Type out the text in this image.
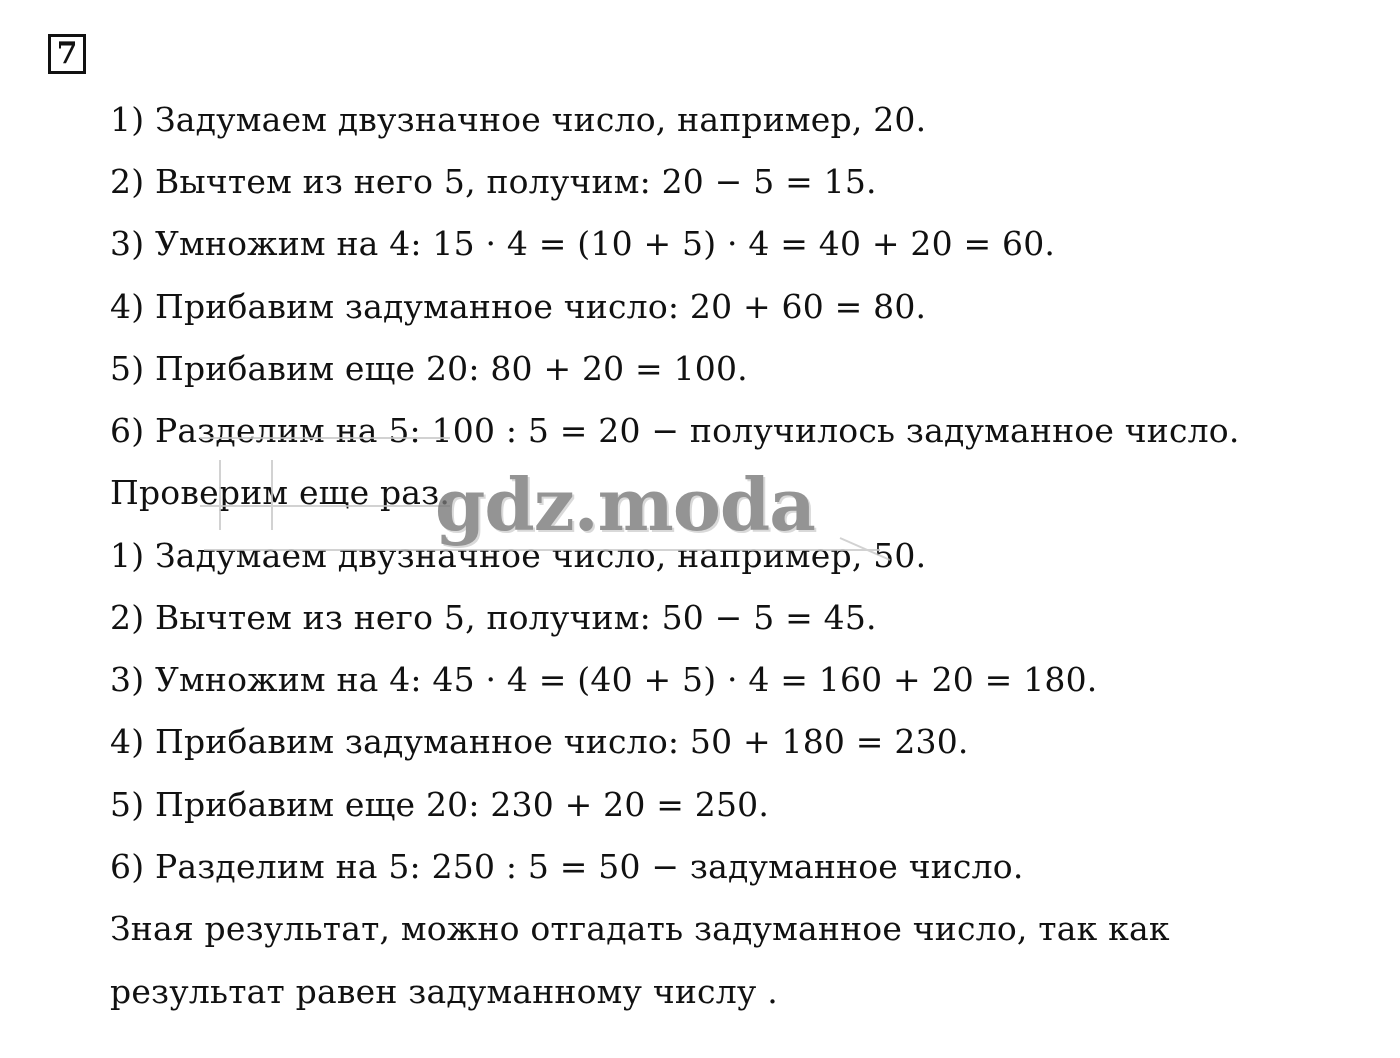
7
1) Задумаем двузначное число, например, 20.
2) Вычтем из него 5, получим: 20 − 5 = 15.
3) Умножим на 4: 15 · 4 = (10 + 5) · 4 = 40 + 20 = 60.
4) Прибавим задуманное число: 20 + 60 = 80.
5) Прибавим еще 20: 80 + 20 = 100.
6) Разделим на 5: 100 : 5 = 20 − получилось задуманное число.
Проверим еще раз.
1) Задумаем двузначное число, например, 50.
2) Вычтем из него 5, получим: 50 − 5 = 45.
3) Умножим на 4: 45 · 4 = (40 + 5) · 4 = 160 + 20 = 180.
4) Прибавим задуманное число: 50 + 180 = 230.
5) Прибавим еще 20: 230 + 20 = 250.
6) Разделим на 5: 250 : 5 = 50 − задуманное число.
Зная результат, можно отгадать задуманное число, так как
результат равен задуманному числу .
gdz.moda
